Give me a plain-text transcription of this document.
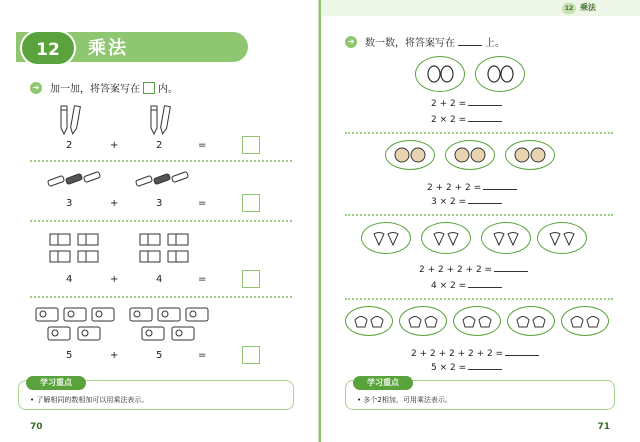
12	乘法
➜ 加一加，将答案写在 内。
2	+	2	=
3	+	3	=
4	+	4	=
5	+	5	=
学习重点
• 了解相同的数相加可以用乘法表示。
70
12 乘法
➜ 数一数，将答案写在	上。
2 + 2 =
2 × 2 =
2 + 2 + 2 =
3 × 2 =
2 + 2 + 2 + 2 =
4 × 2 =
2 + 2 + 2 + 2 + 2 =
5 × 2 =
学习重点
• 多个2相加，可用乘法表示。
71
